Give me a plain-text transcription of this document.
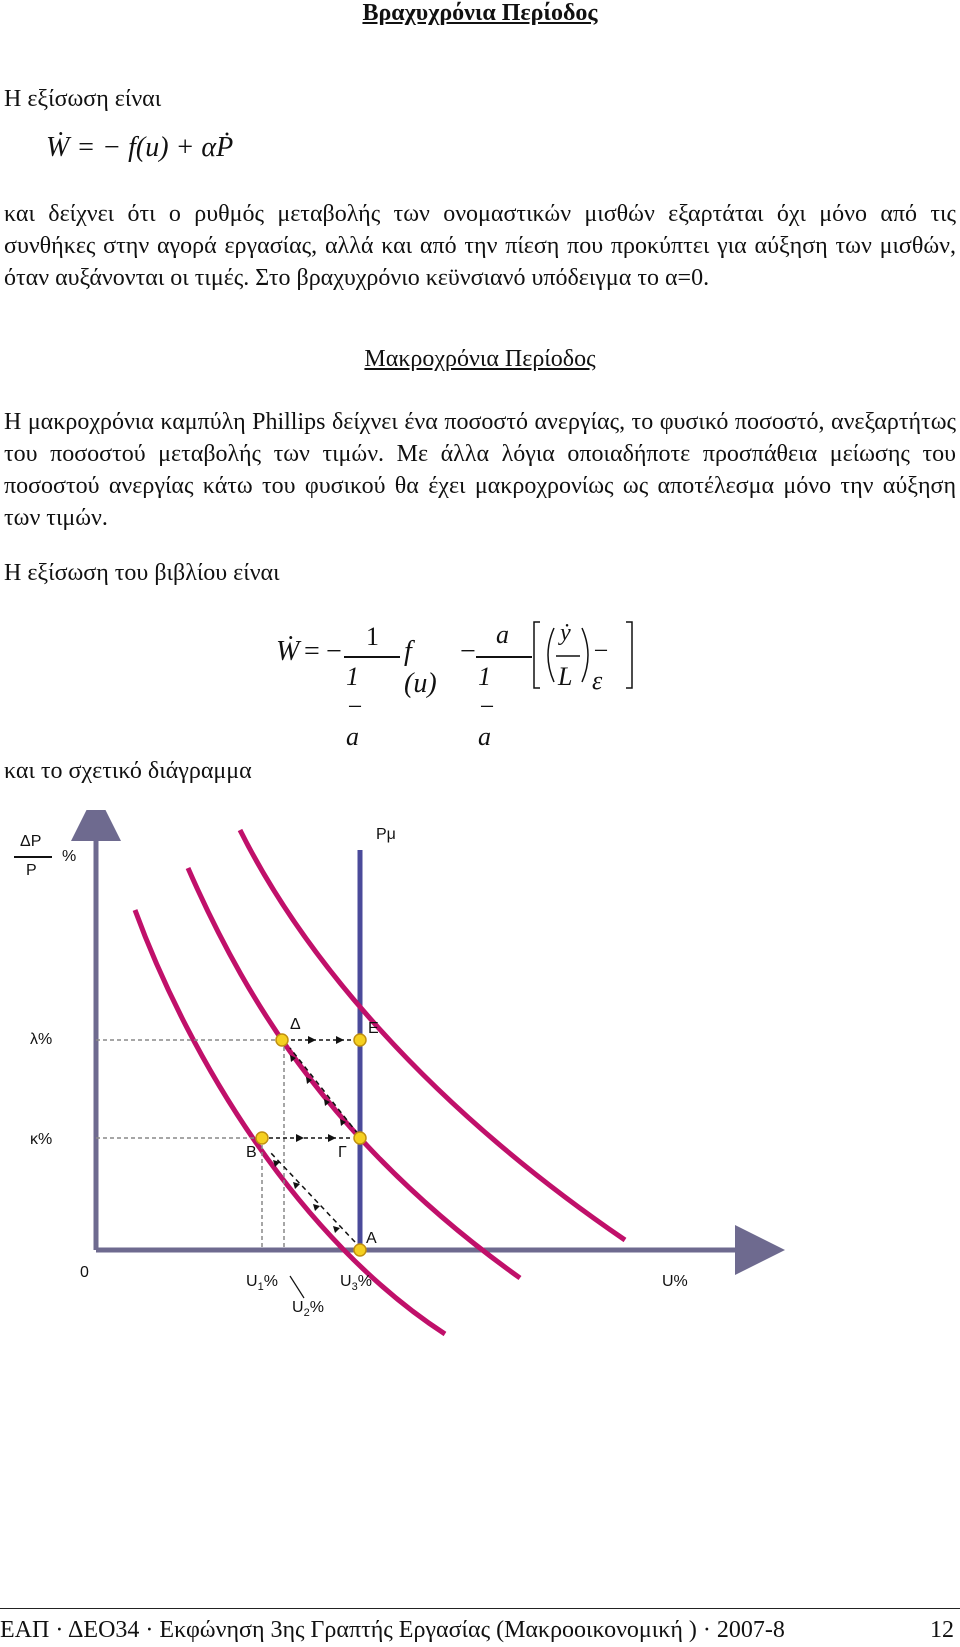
Βραχυχρόνια Περίοδος
Η εξίσωση είναι
Ẇ = − f(u) + αṖ
και δείχνει ότι ο ρυθμός μεταβολής των ονομαστικών μισθών εξαρτάται όχι μόνο από τις συνθήκες στην αγορά εργασίας, αλλά και από την πίεση που προκύπτει για αύξηση των μισθών, όταν αυξάνονται οι τιμές. Στο βραχυχρόνιο κεϋνσιανό υπόδειγμα το α=0.
Μακροχρόνια Περίοδος
Η μακροχρόνια καμπύλη Phillips δείχνει ένα ποσοστό ανεργίας, το φυσικό ποσοστό, ανεξαρτήτως του ποσοστού μεταβολής των τιμών. Με άλλα λόγια οποιαδήποτε προσπάθεια μείωσης του ποσοστού ανεργίας κάτω του φυσικού θα έχει μακροχρονίως ως αποτέλεσμα μόνο την αύξηση των τιμών.
Η εξίσωση του βιβλίου είναι
Ẇ = − 1
1 − a
f (u)
−
a
1 − a
ẏ
L
− ε
και το σχετικό διάγραμμα
ΔP
P
%
Pμ
λ%
κ%
Δ	E
B	Γ
A
0
$U_1\%$	$U_3\%$
$U_2\%$
U%
ΕΑΠ · ΔΕΟ34 · Εκφώνηση 3ης Γραπτής Εργασίας (Μακροοικονομική ) · 2007-8	12
